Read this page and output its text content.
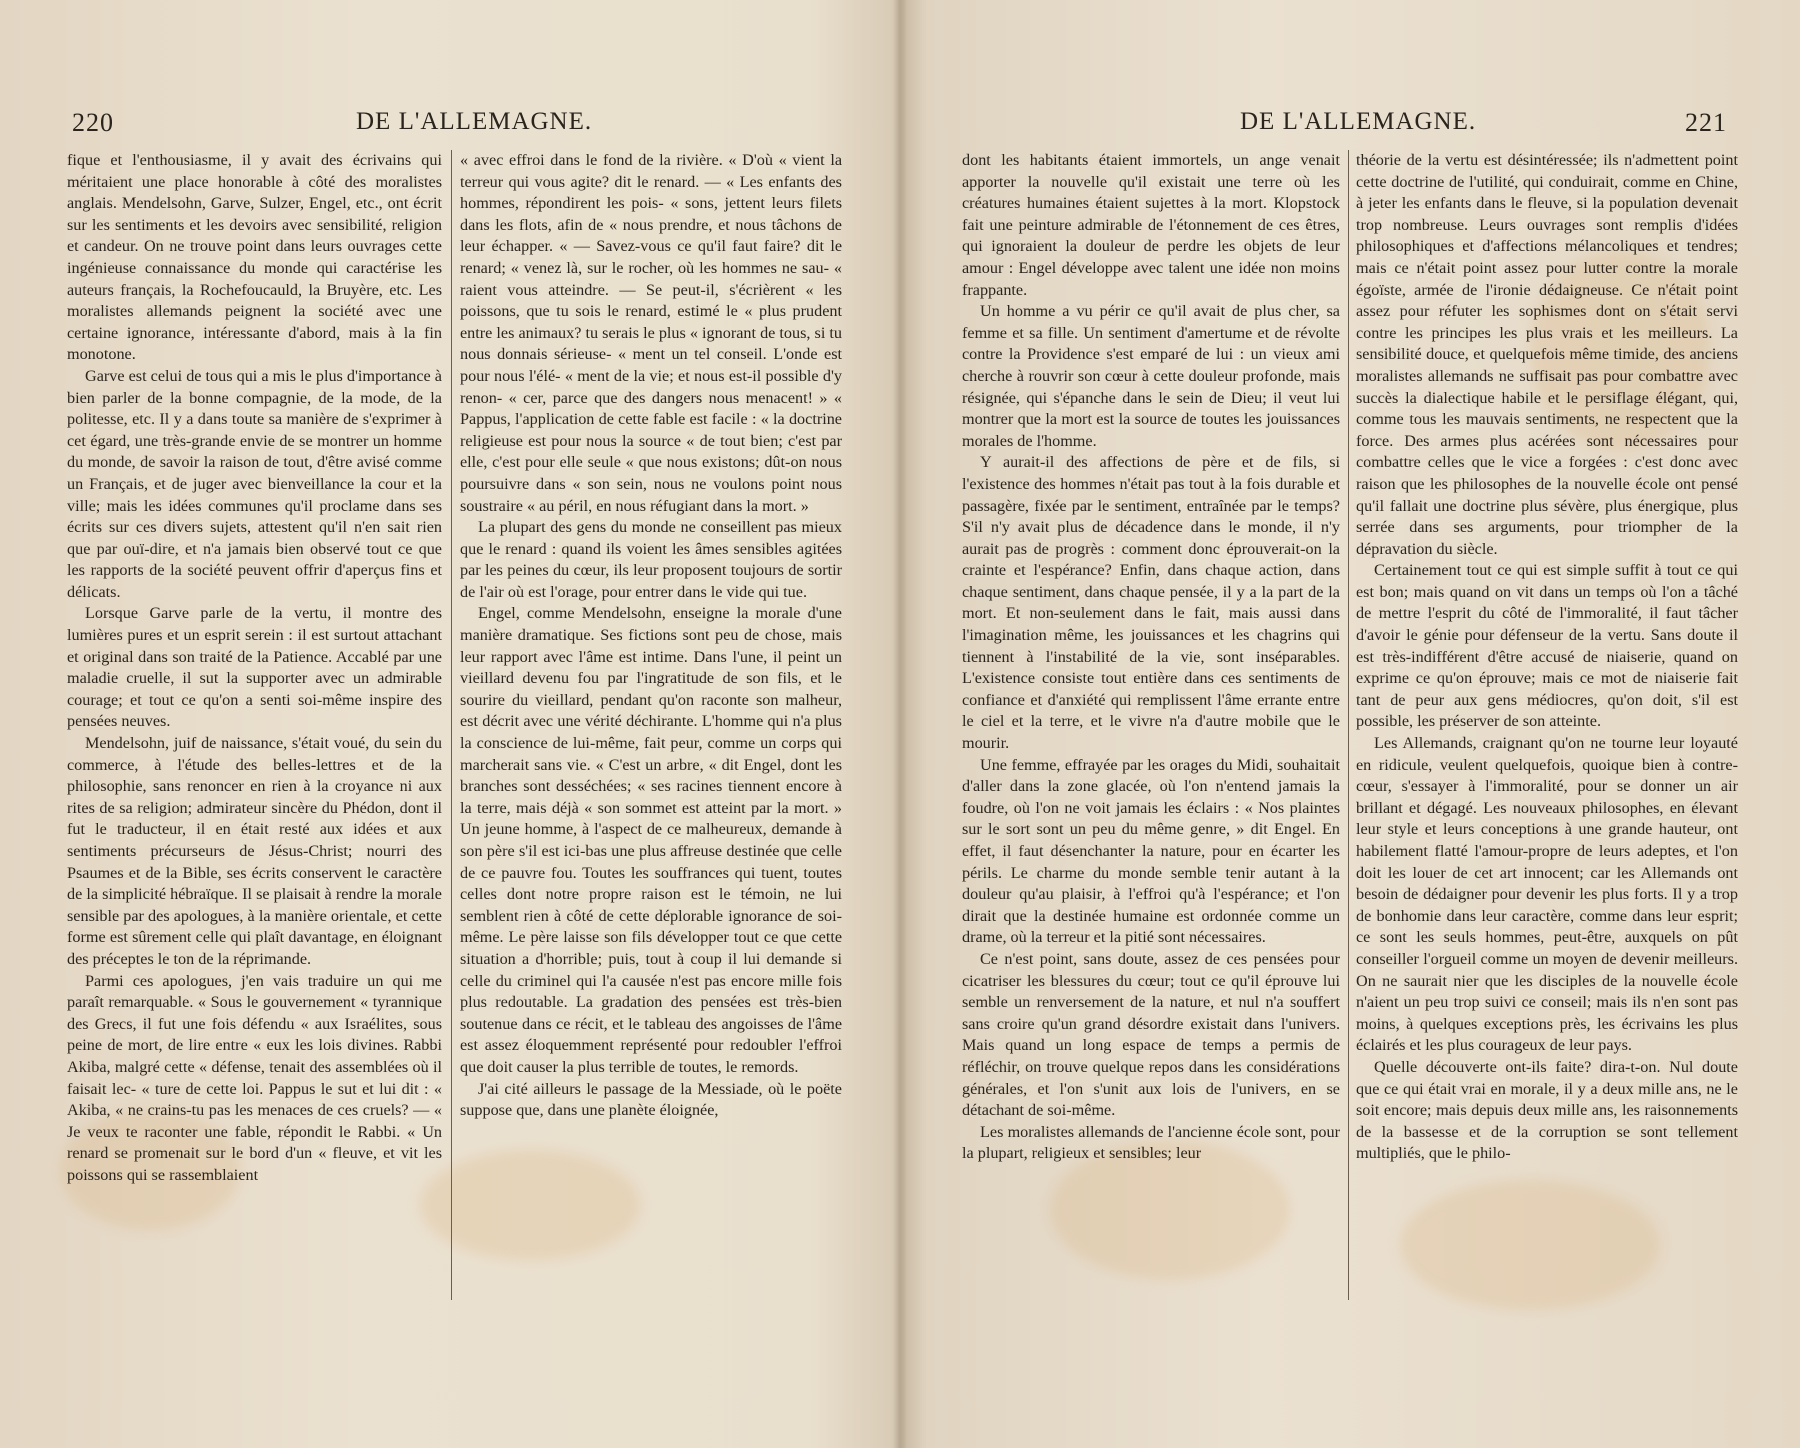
220	DE L'ALLEMAGNE.

fique et l'enthousiasme, il y avait des écrivains qui méritaient une place honorable à côté des moralistes anglais. Mendelsohn, Garve, Sulzer, Engel, etc., ont écrit sur les sentiments et les devoirs avec sensibilité, religion et candeur. On ne trouve point dans leurs ouvrages cette ingénieuse connaissance du monde qui caractérise les auteurs français, la Rochefoucauld, la Bruyère, etc. Les moralistes allemands peignent la société avec une certaine ignorance, intéressante d'abord, mais à la fin monotone.

Garve est celui de tous qui a mis le plus d'importance à bien parler de la bonne compagnie, de la mode, de la politesse, etc. Il y a dans toute sa manière de s'exprimer à cet égard, une très-grande envie de se montrer un homme du monde, de savoir la raison de tout, d'être avisé comme un Français, et de juger avec bienveillance la cour et la ville; mais les idées communes qu'il proclame dans ses écrits sur ces divers sujets, attestent qu'il n'en sait rien que par ouï-dire, et n'a jamais bien observé tout ce que les rapports de la société peuvent offrir d'aperçus fins et délicats.

Lorsque Garve parle de la vertu, il montre des lumières pures et un esprit serein : il est surtout attachant et original dans son traité de la Patience. Accablé par une maladie cruelle, il sut la supporter avec un admirable courage; et tout ce qu'on a senti soi-même inspire des pensées neuves.

Mendelsohn, juif de naissance, s'était voué, du sein du commerce, à l'étude des belles-lettres et de la philosophie, sans renoncer en rien à la croyance ni aux rites de sa religion; admirateur sincère du Phédon, dont il fut le traducteur, il en était resté aux idées et aux sentiments précurseurs de Jésus-Christ; nourri des Psaumes et de la Bible, ses écrits conservent le caractère de la simplicité hébraïque. Il se plaisait à rendre la morale sensible par des apologues, à la manière orientale, et cette forme est sûrement celle qui plaît davantage, en éloignant des préceptes le ton de la réprimande.

Parmi ces apologues, j'en vais traduire un qui me paraît remarquable. « Sous le gouvernement « tyrannique des Grecs, il fut une fois défendu « aux Israélites, sous peine de mort, de lire entre « eux les lois divines. Rabbi Akiba, malgré cette « défense, tenait des assemblées où il faisait lec- « ture de cette loi. Pappus le sut et lui dit : « Akiba, « ne crains-tu pas les menaces de ces cruels? — « Je veux te raconter une fable, répondit le Rabbi. « Un renard se promenait sur le bord d'un « fleuve, et vit les poissons qui se rassemblaient

« avec effroi dans le fond de la rivière. « D'où « vient la terreur qui vous agite? dit le renard. — « Les enfants des hommes, répondirent les pois- « sons, jettent leurs filets dans les flots, afin de « nous prendre, et nous tâchons de leur échapper. « — Savez-vous ce qu'il faut faire? dit le renard; « venez là, sur le rocher, où les hommes ne sau- « raient vous atteindre. — Se peut-il, s'écrièrent « les poissons, que tu sois le renard, estimé le « plus prudent entre les animaux? tu serais le plus « ignorant de tous, si tu nous donnais sérieuse- « ment un tel conseil. L'onde est pour nous l'élé- « ment de la vie; et nous est-il possible d'y renon- « cer, parce que des dangers nous menacent! » « Pappus, l'application de cette fable est facile : « la doctrine religieuse est pour nous la source « de tout bien; c'est par elle, c'est pour elle seule « que nous existons; dût-on nous poursuivre dans « son sein, nous ne voulons point nous soustraire « au péril, en nous réfugiant dans la mort. »

La plupart des gens du monde ne conseillent pas mieux que le renard : quand ils voient les âmes sensibles agitées par les peines du cœur, ils leur proposent toujours de sortir de l'air où est l'orage, pour entrer dans le vide qui tue.

Engel, comme Mendelsohn, enseigne la morale d'une manière dramatique. Ses fictions sont peu de chose, mais leur rapport avec l'âme est intime. Dans l'une, il peint un vieillard devenu fou par l'ingratitude de son fils, et le sourire du vieillard, pendant qu'on raconte son malheur, est décrit avec une vérité déchirante. L'homme qui n'a plus la conscience de lui-même, fait peur, comme un corps qui marcherait sans vie. « C'est un arbre, « dit Engel, dont les branches sont desséchées; « ses racines tiennent encore à la terre, mais déjà « son sommet est atteint par la mort. » Un jeune homme, à l'aspect de ce malheureux, demande à son père s'il est ici-bas une plus affreuse destinée que celle de ce pauvre fou. Toutes les souffrances qui tuent, toutes celles dont notre propre raison est le témoin, ne lui semblent rien à côté de cette déplorable ignorance de soi-même. Le père laisse son fils développer tout ce que cette situation a d'horrible; puis, tout à coup il lui demande si celle du criminel qui l'a causée n'est pas encore mille fois plus redoutable. La gradation des pensées est très-bien soutenue dans ce récit, et le tableau des angoisses de l'âme est assez éloquemment représenté pour redoubler l'effroi que doit causer la plus terrible de toutes, le remords.

J'ai cité ailleurs le passage de la Messiade, où le poëte suppose que, dans une planète éloignée,

DE L'ALLEMAGNE.	221

dont les habitants étaient immortels, un ange venait apporter la nouvelle qu'il existait une terre où les créatures humaines étaient sujettes à la mort. Klopstock fait une peinture admirable de l'étonnement de ces êtres, qui ignoraient la douleur de perdre les objets de leur amour : Engel développe avec talent une idée non moins frappante.

Un homme a vu périr ce qu'il avait de plus cher, sa femme et sa fille. Un sentiment d'amertume et de révolte contre la Providence s'est emparé de lui : un vieux ami cherche à rouvrir son cœur à cette douleur profonde, mais résignée, qui s'épanche dans le sein de Dieu; il veut lui montrer que la mort est la source de toutes les jouissances morales de l'homme.

Y aurait-il des affections de père et de fils, si l'existence des hommes n'était pas tout à la fois durable et passagère, fixée par le sentiment, entraînée par le temps? S'il n'y avait plus de décadence dans le monde, il n'y aurait pas de progrès : comment donc éprouverait-on la crainte et l'espérance? Enfin, dans chaque action, dans chaque sentiment, dans chaque pensée, il y a la part de la mort. Et non-seulement dans le fait, mais aussi dans l'imagination même, les jouissances et les chagrins qui tiennent à l'instabilité de la vie, sont inséparables. L'existence consiste tout entière dans ces sentiments de confiance et d'anxiété qui remplissent l'âme errante entre le ciel et la terre, et le vivre n'a d'autre mobile que le mourir.

Une femme, effrayée par les orages du Midi, souhaitait d'aller dans la zone glacée, où l'on n'entend jamais la foudre, où l'on ne voit jamais les éclairs : « Nos plaintes sur le sort sont un peu du même genre, » dit Engel. En effet, il faut désenchanter la nature, pour en écarter les périls. Le charme du monde semble tenir autant à la douleur qu'au plaisir, à l'effroi qu'à l'espérance; et l'on dirait que la destinée humaine est ordonnée comme un drame, où la terreur et la pitié sont nécessaires.

Ce n'est point, sans doute, assez de ces pensées pour cicatriser les blessures du cœur; tout ce qu'il éprouve lui semble un renversement de la nature, et nul n'a souffert sans croire qu'un grand désordre existait dans l'univers. Mais quand un long espace de temps a permis de réfléchir, on trouve quelque repos dans les considérations générales, et l'on s'unit aux lois de l'univers, en se détachant de soi-même.

Les moralistes allemands de l'ancienne école sont, pour la plupart, religieux et sensibles; leur

théorie de la vertu est désintéressée; ils n'admettent point cette doctrine de l'utilité, qui conduirait, comme en Chine, à jeter les enfants dans le fleuve, si la population devenait trop nombreuse. Leurs ouvrages sont remplis d'idées philosophiques et d'affections mélancoliques et tendres; mais ce n'était point assez pour lutter contre la morale égoïste, armée de l'ironie dédaigneuse. Ce n'était point assez pour réfuter les sophismes dont on s'était servi contre les principes les plus vrais et les meilleurs. La sensibilité douce, et quelquefois même timide, des anciens moralistes allemands ne suffisait pas pour combattre avec succès la dialectique habile et le persiflage élégant, qui, comme tous les mauvais sentiments, ne respectent que la force. Des armes plus acérées sont nécessaires pour combattre celles que le vice a forgées : c'est donc avec raison que les philosophes de la nouvelle école ont pensé qu'il fallait une doctrine plus sévère, plus énergique, plus serrée dans ses arguments, pour triompher de la dépravation du siècle.

Certainement tout ce qui est simple suffit à tout ce qui est bon; mais quand on vit dans un temps où l'on a tâché de mettre l'esprit du côté de l'immoralité, il faut tâcher d'avoir le génie pour défenseur de la vertu. Sans doute il est très-indifférent d'être accusé de niaiserie, quand on exprime ce qu'on éprouve; mais ce mot de niaiserie fait tant de peur aux gens médiocres, qu'on doit, s'il est possible, les préserver de son atteinte.

Les Allemands, craignant qu'on ne tourne leur loyauté en ridicule, veulent quelquefois, quoique bien à contre-cœur, s'essayer à l'immoralité, pour se donner un air brillant et dégagé. Les nouveaux philosophes, en élevant leur style et leurs conceptions à une grande hauteur, ont habilement flatté l'amour-propre de leurs adeptes, et l'on doit les louer de cet art innocent; car les Allemands ont besoin de dédaigner pour devenir les plus forts. Il y a trop de bonhomie dans leur caractère, comme dans leur esprit; ce sont les seuls hommes, peut-être, auxquels on pût conseiller l'orgueil comme un moyen de devenir meilleurs. On ne saurait nier que les disciples de la nouvelle école n'aient un peu trop suivi ce conseil; mais ils n'en sont pas moins, à quelques exceptions près, les écrivains les plus éclairés et les plus courageux de leur pays.

Quelle découverte ont-ils faite? dira-t-on. Nul doute que ce qui était vrai en morale, il y a deux mille ans, ne le soit encore; mais depuis deux mille ans, les raisonnements de la bassesse et de la corruption se sont tellement multipliés, que le philo-
